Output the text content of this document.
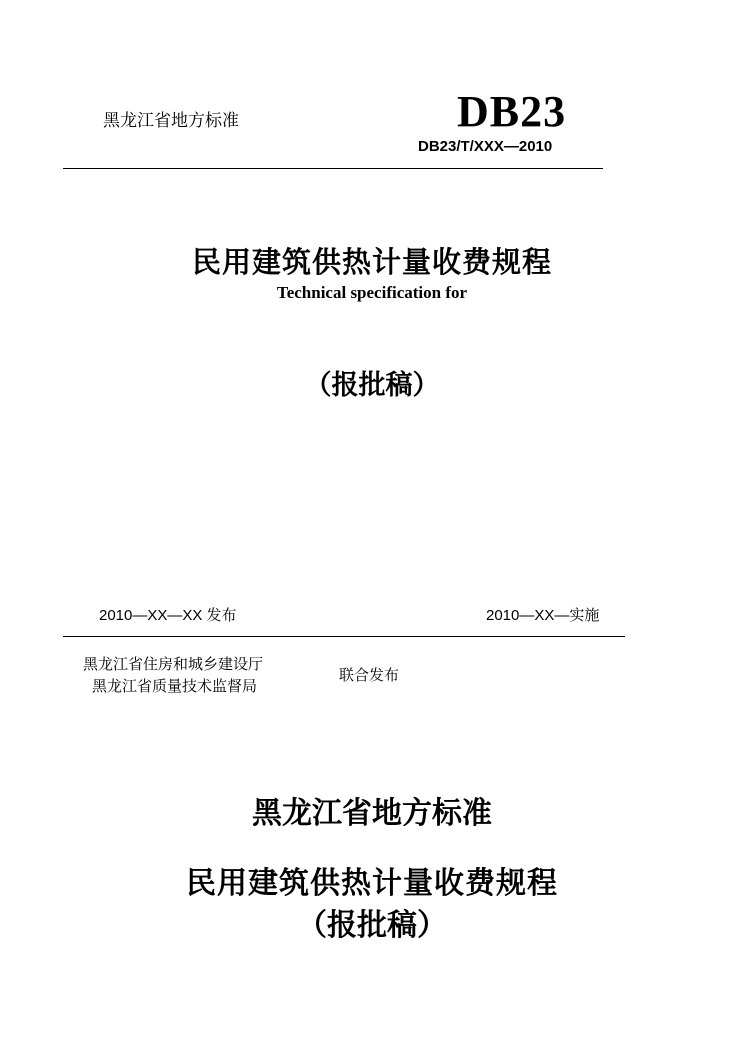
黑龙江省地方标准	DB23
DB23/T/XXX—2010
民用建筑供热计量收费规程
Technical specification for
（报批稿）
2010—XX—XX 发布	2010—XX—实施
黑龙江省住房和城乡建设厅
黑龙江省质量技术监督局
联合发布
黑龙江省地方标准
民用建筑供热计量收费规程
（报批稿）
